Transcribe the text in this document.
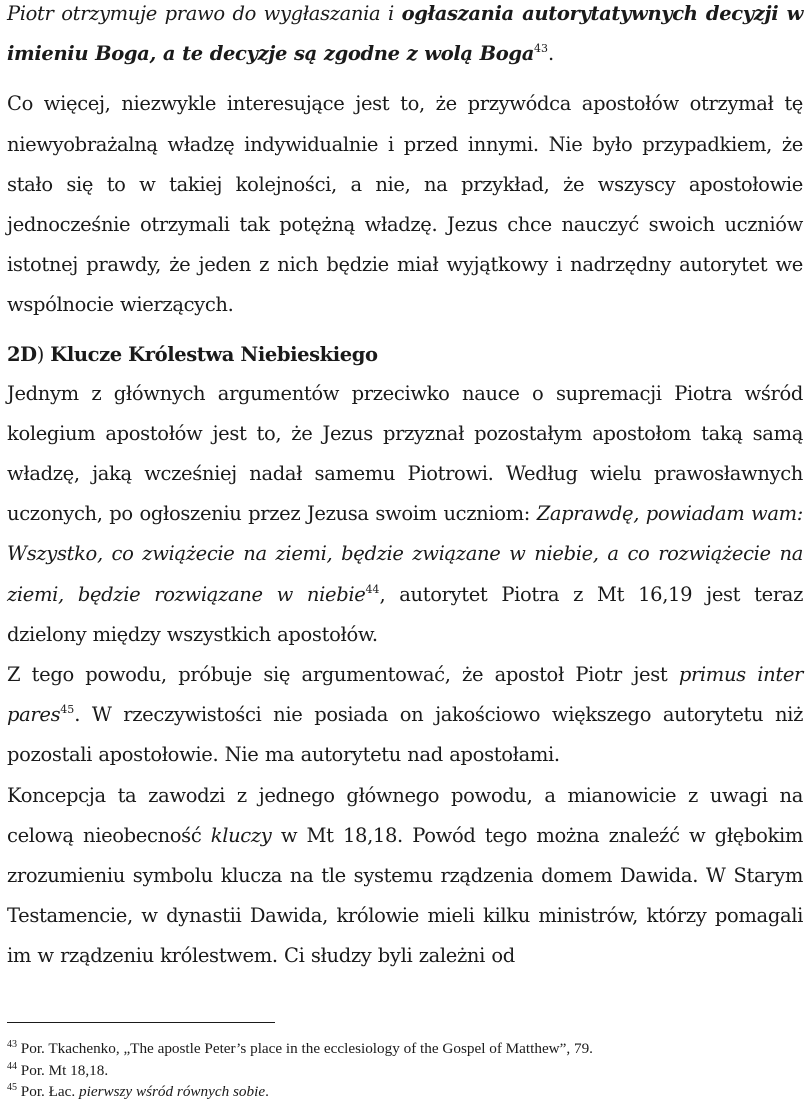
Piotr otrzymuje prawo do wygłaszania i ogłaszania autorytatywnych decyzji w imieniu Boga, a te decyzje są zgodne z wolą Boga$^{43}$.

Co więcej, niezwykle interesujące jest to, że przywódca apostołów otrzymał tę niewyobrażalną władzę indywidualnie i przed innymi. Nie było przypadkiem, że stało się to w takiej kolejności, a nie, na przykład, że wszyscy apostołowie jednocześnie otrzymali tak potężną władzę. Jezus chce nauczyć swoich uczniów istotnej prawdy, że jeden z nich będzie miał wyjątkowy i nadrzędny autorytet we wspólnocie wierzących.

2D) Klucze Królestwa Niebieskiego

Jednym z głównych argumentów przeciwko nauce o supremacji Piotra wśród kolegium apostołów jest to, że Jezus przyznał pozostałym apostołom taką samą władzę, jaką wcześniej nadał samemu Piotrowi. Według wielu prawosławnych uczonych, po ogłoszeniu przez Jezusa swoim uczniom: Zaprawdę, powiadam wam: Wszystko, co zwiążecie na ziemi, będzie związane w niebie, a co rozwiążecie na ziemi, będzie rozwiązane w niebie$^{44}$, autorytet Piotra z Mt 16,19 jest teraz dzielony między wszystkich apostołów.

Z tego powodu, próbuje się argumentować, że apostoł Piotr jest primus inter pares$^{45}$. W rzeczywistości nie posiada on jakościowo większego autorytetu niż pozostali apostołowie. Nie ma autorytetu nad apostołami.

Koncepcja ta zawodzi z jednego głównego powodu, a mianowicie z uwagi na celową nieobecność kluczy w Mt 18,18. Powód tego można znaleźć w głębokim zrozumieniu symbolu klucza na tle systemu rządzenia domem Dawida. W Starym Testamencie, w dynastii Dawida, królowie mieli kilku ministrów, którzy pomagali im w rządzeniu królestwem. Ci słudzy byli zależni od

$^{43}$ Por. Tkachenko, „The apostle Peter’s place in the ecclesiology of the Gospel of Matthew”, 79.

$^{44}$ Por. Mt 18,18.

$^{45}$ Por. Łac. pierwszy wśród równych sobie.
